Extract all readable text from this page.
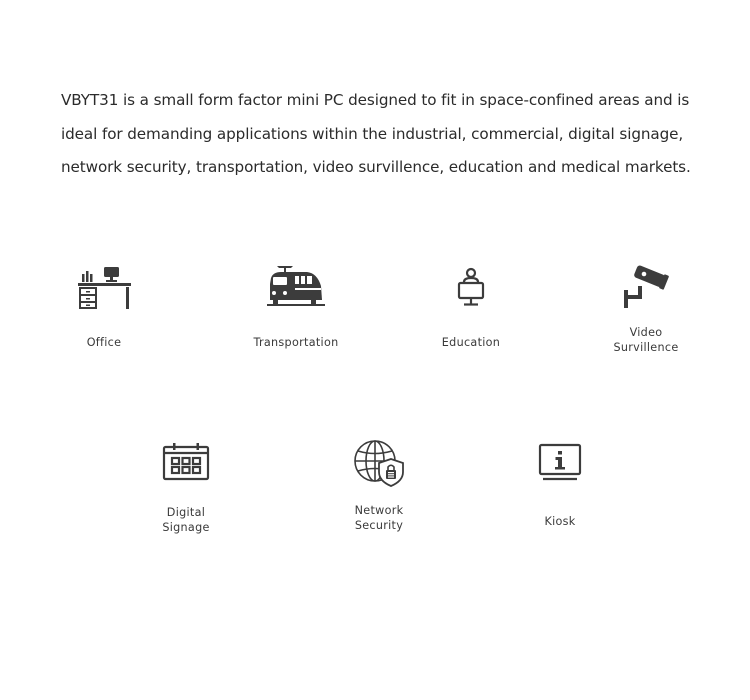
VBYT31 is a small form factor mini PC designed to fit in space-confined areas and is

ideal for demanding applications within the industrial, commercial, digital signage,

network security, transportation, video survillence, education and medical markets.

Office	Transportation	Education
Video
Survillence
Digital
Signage
Network
Security	Kiosk
